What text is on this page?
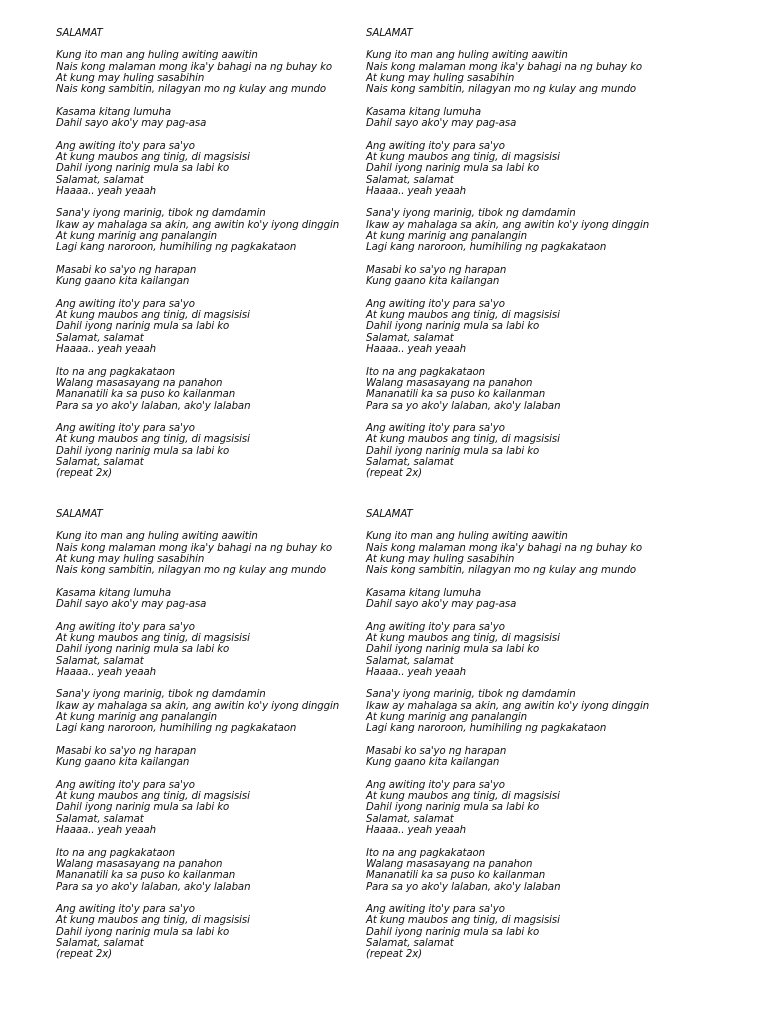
SALAMAT
Kung ito man ang huling awiting aawitin
Nais kong malaman mong ika'y bahagi na ng buhay ko
At kung may huling sasabihin
Nais kong sambitin, nilagyan mo ng kulay ang mundo
Kasama kitang lumuha
Dahil sayo ako'y may pag-asa
Ang awiting ito'y para sa'yo
At kung maubos ang tinig, di magsisisi
Dahil iyong narinig mula sa labi ko
Salamat, salamat
Haaaa.. yeah yeaah
Sana'y iyong marinig, tibok ng damdamin
Ikaw ay mahalaga sa akin, ang awitin ko'y iyong dinggin
At kung marinig ang panalangin
Lagi kang naroroon, humihiling ng pagkakataon
Masabi ko sa'yo ng harapan
Kung gaano kita kailangan
Ang awiting ito'y para sa'yo
At kung maubos ang tinig, di magsisisi
Dahil iyong narinig mula sa labi ko
Salamat, salamat
Haaaa.. yeah yeaah
Ito na ang pagkakataon
Walang masasayang na panahon
Mananatili ka sa puso ko kailanman
Para sa yo ako'y lalaban, ako'y lalaban
Ang awiting ito'y para sa'yo
At kung maubos ang tinig, di magsisisi
Dahil iyong narinig mula sa labi ko
Salamat, salamat
(repeat 2x)
SALAMAT
Kung ito man ang huling awiting aawitin
Nais kong malaman mong ika'y bahagi na ng buhay ko
At kung may huling sasabihin
Nais kong sambitin, nilagyan mo ng kulay ang mundo
Kasama kitang lumuha
Dahil sayo ako'y may pag-asa
Ang awiting ito'y para sa'yo
At kung maubos ang tinig, di magsisisi
Dahil iyong narinig mula sa labi ko
Salamat, salamat
Haaaa.. yeah yeaah
Sana'y iyong marinig, tibok ng damdamin
Ikaw ay mahalaga sa akin, ang awitin ko'y iyong dinggin
At kung marinig ang panalangin
Lagi kang naroroon, humihiling ng pagkakataon
Masabi ko sa'yo ng harapan
Kung gaano kita kailangan
Ang awiting ito'y para sa'yo
At kung maubos ang tinig, di magsisisi
Dahil iyong narinig mula sa labi ko
Salamat, salamat
Haaaa.. yeah yeaah
Ito na ang pagkakataon
Walang masasayang na panahon
Mananatili ka sa puso ko kailanman
Para sa yo ako'y lalaban, ako'y lalaban
Ang awiting ito'y para sa'yo
At kung maubos ang tinig, di magsisisi
Dahil iyong narinig mula sa labi ko
Salamat, salamat
(repeat 2x)
SALAMAT
Kung ito man ang huling awiting aawitin
Nais kong malaman mong ika'y bahagi na ng buhay ko
At kung may huling sasabihin
Nais kong sambitin, nilagyan mo ng kulay ang mundo
Kasama kitang lumuha
Dahil sayo ako'y may pag-asa
Ang awiting ito'y para sa'yo
At kung maubos ang tinig, di magsisisi
Dahil iyong narinig mula sa labi ko
Salamat, salamat
Haaaa.. yeah yeaah
Sana'y iyong marinig, tibok ng damdamin
Ikaw ay mahalaga sa akin, ang awitin ko'y iyong dinggin
At kung marinig ang panalangin
Lagi kang naroroon, humihiling ng pagkakataon
Masabi ko sa'yo ng harapan
Kung gaano kita kailangan
Ang awiting ito'y para sa'yo
At kung maubos ang tinig, di magsisisi
Dahil iyong narinig mula sa labi ko
Salamat, salamat
Haaaa.. yeah yeaah
Ito na ang pagkakataon
Walang masasayang na panahon
Mananatili ka sa puso ko kailanman
Para sa yo ako'y lalaban, ako'y lalaban
Ang awiting ito'y para sa'yo
At kung maubos ang tinig, di magsisisi
Dahil iyong narinig mula sa labi ko
Salamat, salamat
(repeat 2x)
SALAMAT
Kung ito man ang huling awiting aawitin
Nais kong malaman mong ika'y bahagi na ng buhay ko
At kung may huling sasabihin
Nais kong sambitin, nilagyan mo ng kulay ang mundo
Kasama kitang lumuha
Dahil sayo ako'y may pag-asa
Ang awiting ito'y para sa'yo
At kung maubos ang tinig, di magsisisi
Dahil iyong narinig mula sa labi ko
Salamat, salamat
Haaaa.. yeah yeaah
Sana'y iyong marinig, tibok ng damdamin
Ikaw ay mahalaga sa akin, ang awitin ko'y iyong dinggin
At kung marinig ang panalangin
Lagi kang naroroon, humihiling ng pagkakataon
Masabi ko sa'yo ng harapan
Kung gaano kita kailangan
Ang awiting ito'y para sa'yo
At kung maubos ang tinig, di magsisisi
Dahil iyong narinig mula sa labi ko
Salamat, salamat
Haaaa.. yeah yeaah
Ito na ang pagkakataon
Walang masasayang na panahon
Mananatili ka sa puso ko kailanman
Para sa yo ako'y lalaban, ako'y lalaban
Ang awiting ito'y para sa'yo
At kung maubos ang tinig, di magsisisi
Dahil iyong narinig mula sa labi ko
Salamat, salamat
(repeat 2x)
